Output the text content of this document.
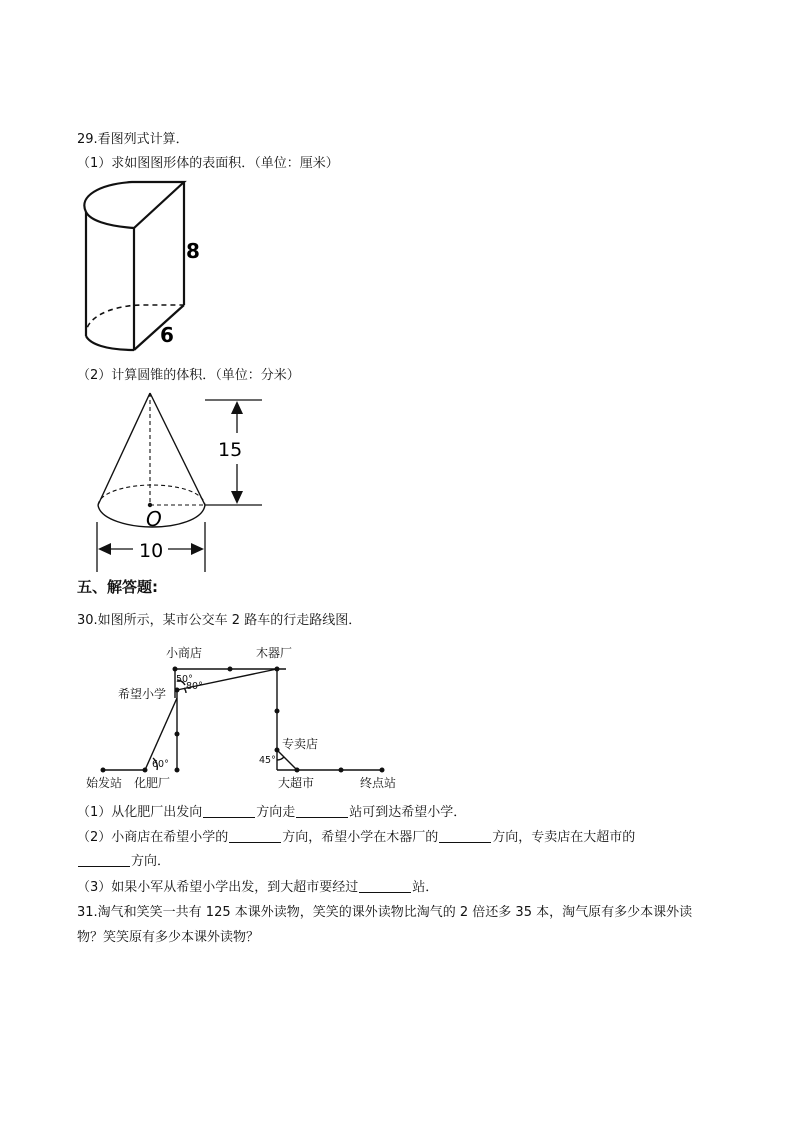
29.看图列式计算．
（1）求如图图形体的表面积．（单位：厘米）
8
6
（2）计算圆锥的体积．（单位：分米）
O
15
10
五、解答题:
30.如图所示，某市公交车 2 路车的行走路线图．
小商店	木器厂
希望小学
50°
80°
专卖店
45°
60°
始发站 化肥厂	大超市	终点站
（1）从化肥厂出发向	方向走	站可到达希望小学．
（2）小商店在希望小学的	方向，希望小学在木器厂的	方向，专卖店在大超市的
方向．
（3）如果小军从希望小学出发，到大超市要经过	站．
31.淘气和笑笑一共有 125 本课外读物，笑笑的课外读物比淘气的 2 倍还多 35 本，淘气原有多少本课外读
物？笑笑原有多少本课外读物？
